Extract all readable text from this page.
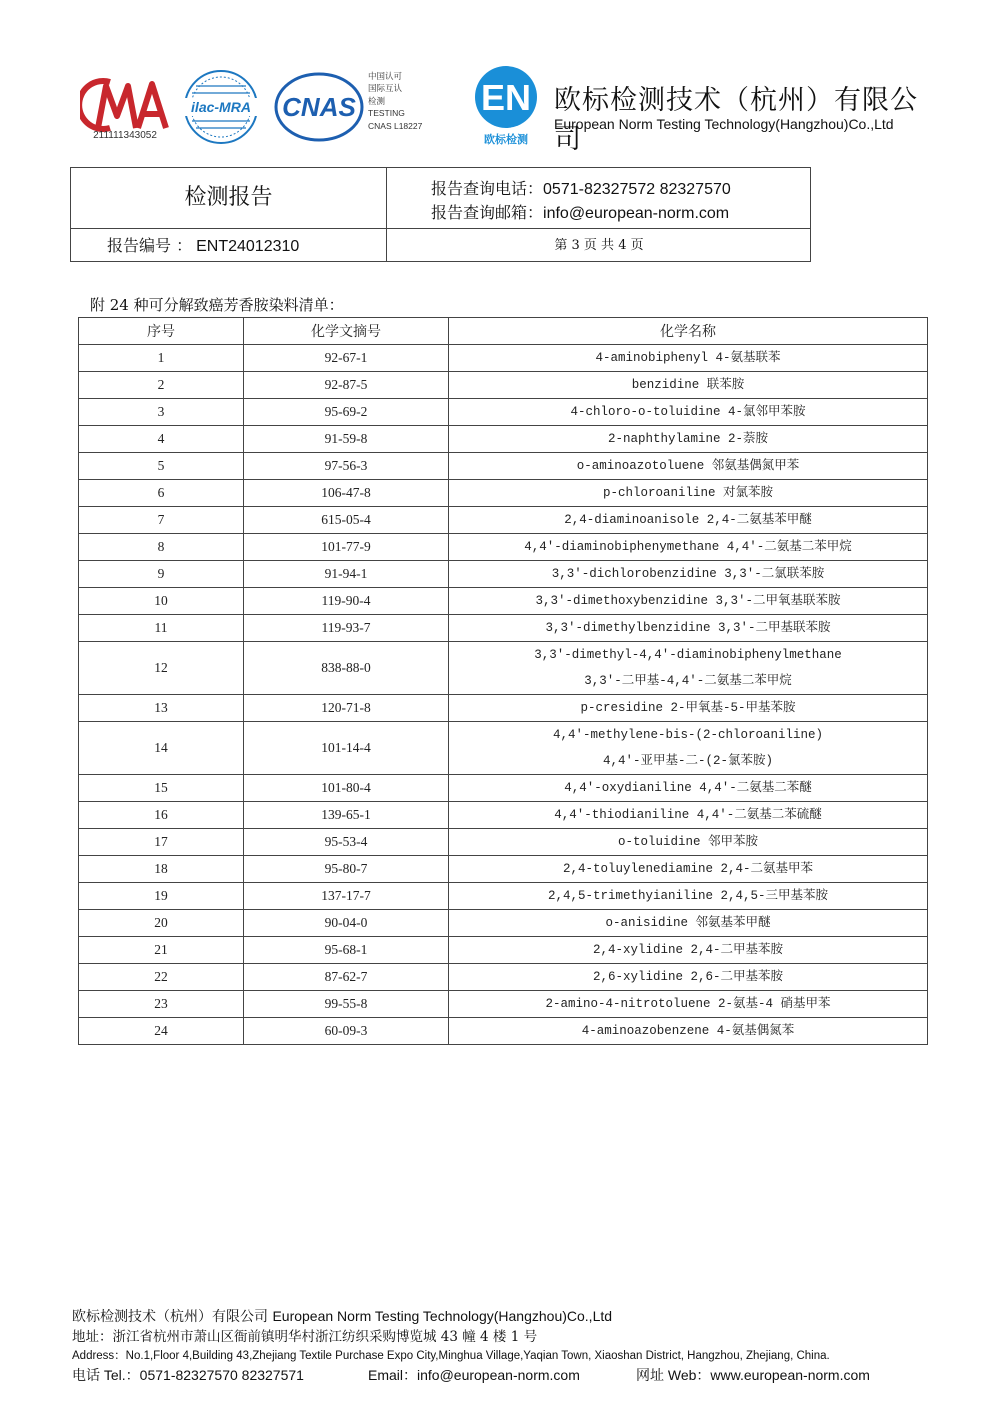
211111343052
ilac-MRA CNAS
中国认可
国际互认
检测
TESTING
CNAS L18227
EN
欧标检测
欧标检测技术（杭州）有限公司
European Norm Testing Technology(Hangzhou)Co.,Ltd
检测报告	报告查询电话：0571-82327572 82327570
报告查询邮箱：info@european-norm.com
报告编号 ： ENT24012310	第 3 页 共 4 页
附 24 种可分解致癌芳香胺染料清单：
序号	化学文摘号	化学名称
1	92-67-1	4-aminobiphenyl 4-氨基联苯

2	92-87-5	benzidine 联苯胺

3	95-69-2	4-chloro-o-toluidine 4-氯邻甲苯胺

4	91-59-8	2-naphthylamine 2-萘胺

5	97-56-3	o-aminoazotoluene 邻氨基偶氮甲苯

6	106-47-8	p-chloroaniline 对氯苯胺

7	615-05-4	2,4-diaminoanisole 2,4-二氨基苯甲醚

8	101-77-9	4,4′-diaminobiphenymethane 4,4′-二氨基二苯甲烷

9	91-94-1	3,3′-dichlorobenzidine 3,3′-二氯联苯胺

10	119-90-4	3,3′-dimethoxybenzidine 3,3′-二甲氧基联苯胺

11	119-93-7	3,3′-dimethylbenzidine 3,3′-二甲基联苯胺

12	838-88-0	3,3′-dimethyl-4,4′-diaminobiphenylmethane
3,3′-二甲基-4,4′-二氨基二苯甲烷

13	120-71-8	p-cresidine 2-甲氧基-5-甲基苯胺

14	101-14-4	4,4′-methylene-bis-(2-chloroaniline)
4,4′-亚甲基-二-(2-氯苯胺)

15	101-80-4	4,4′-oxydianiline 4,4′-二氨基二苯醚

16	139-65-1	4,4′-thiodianiline 4,4′-二氨基二苯硫醚

17	95-53-4	o-toluidine 邻甲苯胺

18	95-80-7	2,4-toluylenediamine 2,4-二氨基甲苯

19	137-17-7	2,4,5-trimethyianiline 2,4,5-三甲基苯胺

20	90-04-0	o-anisidine 邻氨基苯甲醚

21	95-68-1	2,4-xylidine 2,4-二甲基苯胺

22	87-62-7	2,6-xylidine 2,6-二甲基苯胺

23	99-55-8	2-amino-4-nitrotoluene 2-氨基-4 硝基甲苯

24	60-09-3	4-aminoazobenzene 4-氨基偶氮苯
欧标检测技术（杭州）有限公司 European Norm Testing Technology(Hangzhou)Co.,Ltd
地址：浙江省杭州市萧山区衙前镇明华村浙江纺织采购博览城 43 幢 4 楼 1 号
Address：No.1,Floor 4,Building 43,Zhejiang Textile Purchase Expo City,Minghua Village,Yaqian Town, Xiaoshan District, Hangzhou, Zhejiang, China.
电话 Tel.：0571-82327570 82327571	Email：info@european-norm.com	网址 Web：www.european-norm.com
